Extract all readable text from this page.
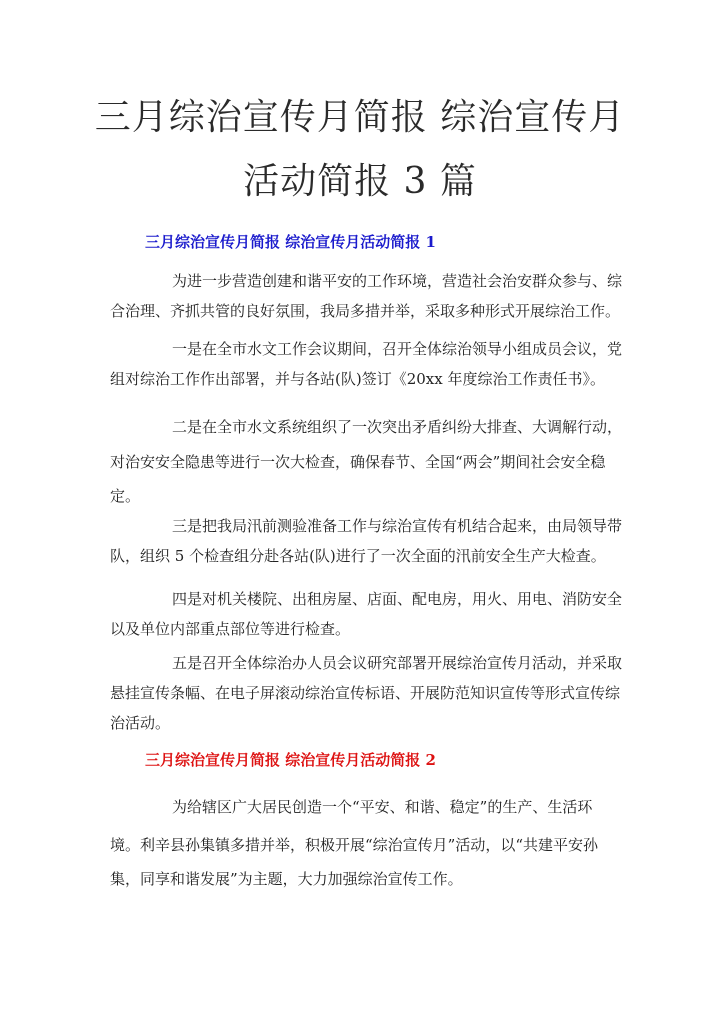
三月综治宣传月简报 综治宣传月
活动简报 3 篇
三月综治宣传月简报 综治宣传月活动简报 1
为进一步营造创建和谐平安的工作环境，营造社会治安群众参与、综
合治理、齐抓共管的良好氛围，我局多措并举，采取多种形式开展综治工作。
一是在全市水文工作会议期间，召开全体综治领导小组成员会议，党
组对综治工作作出部署，并与各站(队)签订《20xx 年度综治工作责任书》。
二是在全市水文系统组织了一次突出矛盾纠纷大排查、大调解行动，
对治安安全隐患等进行一次大检查，确保春节、全国“两会”期间社会安全稳
定。
三是把我局汛前测验准备工作与综治宣传有机结合起来，由局领导带
队，组织 5 个检查组分赴各站(队)进行了一次全面的汛前安全生产大检查。
四是对机关楼院、出租房屋、店面、配电房，用火、用电、消防安全
以及单位内部重点部位等进行检查。
五是召开全体综治办人员会议研究部署开展综治宣传月活动，并采取
悬挂宣传条幅、在电子屏滚动综治宣传标语、开展防范知识宣传等形式宣传综
治活动。
三月综治宣传月简报 综治宣传月活动简报 2
为给辖区广大居民创造一个“平安、和谐、稳定”的生产、生活环
境。利辛县孙集镇多措并举，积极开展“综治宣传月”活动，以“共建平安孙
集，同享和谐发展”为主题，大力加强综治宣传工作。
